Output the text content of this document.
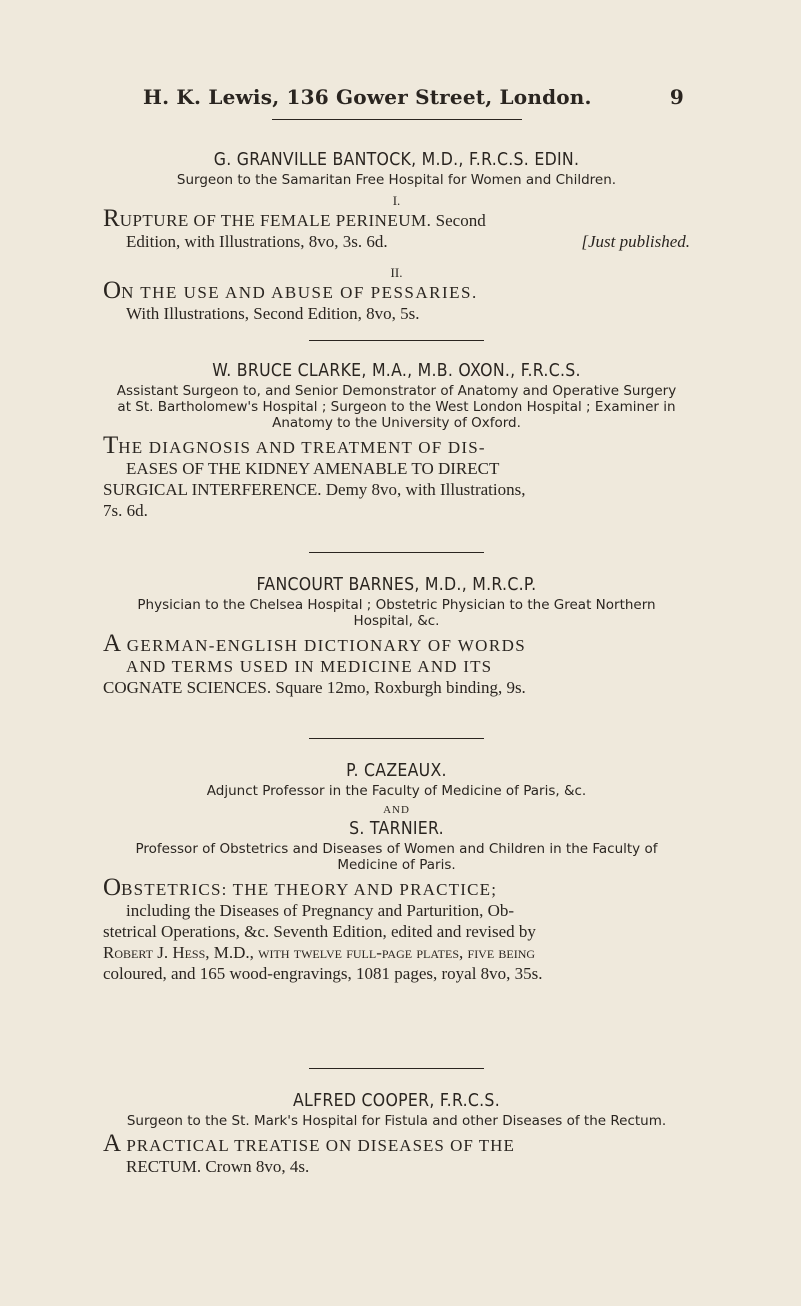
H. K. Lewis, 136 Gower Street, London.	9
G. GRANVILLE BANTOCK, M.D., F.R.C.S. EDIN.
Surgeon to the Samaritan Free Hospital for Women and Children.
I.
RUPTURE OF THE FEMALE PERINEUM. Second
Edition, with Illustrations, 8vo, 3s. 6d.	[Just published.
II.
ON THE USE AND ABUSE OF PESSARIES.
With Illustrations, Second Edition, 8vo, 5s.
W. BRUCE CLARKE, M.A., M.B. OXON., F.R.C.S.
Assistant Surgeon to, and Senior Demonstrator of Anatomy and Operative Surgery at St. Bartholomew's Hospital ; Surgeon to the West London Hospital ; Examiner in Anatomy to the University of Oxford.
THE DIAGNOSIS AND TREATMENT OF DIS-
EASES OF THE KIDNEY AMENABLE TO DIRECT
SURGICAL INTERFERENCE. Demy 8vo, with Illustrations,
7s. 6d.
FANCOURT BARNES, M.D., M.R.C.P.
Physician to the Chelsea Hospital ; Obstetric Physician to the Great Northern Hospital, &c.
A GERMAN-ENGLISH DICTIONARY OF WORDS
AND TERMS USED IN MEDICINE AND ITS
COGNATE SCIENCES. Square 12mo, Roxburgh binding, 9s.
P. CAZEAUX.
Adjunct Professor in the Faculty of Medicine of Paris, &c.
AND
S. TARNIER.
Professor of Obstetrics and Diseases of Women and Children in the Faculty of Medicine of Paris.
OBSTETRICS: THE THEORY AND PRACTICE;
including the Diseases of Pregnancy and Parturition, Ob-
stetrical Operations, &c. Seventh Edition, edited and revised by
Robert J. Hess, M.D., with twelve full-page plates, five being
coloured, and 165 wood-engravings, 1081 pages, royal 8vo, 35s.
ALFRED COOPER, F.R.C.S.
Surgeon to the St. Mark's Hospital for Fistula and other Diseases of the Rectum.
A PRACTICAL TREATISE ON DISEASES OF THE
RECTUM. Crown 8vo, 4s.
